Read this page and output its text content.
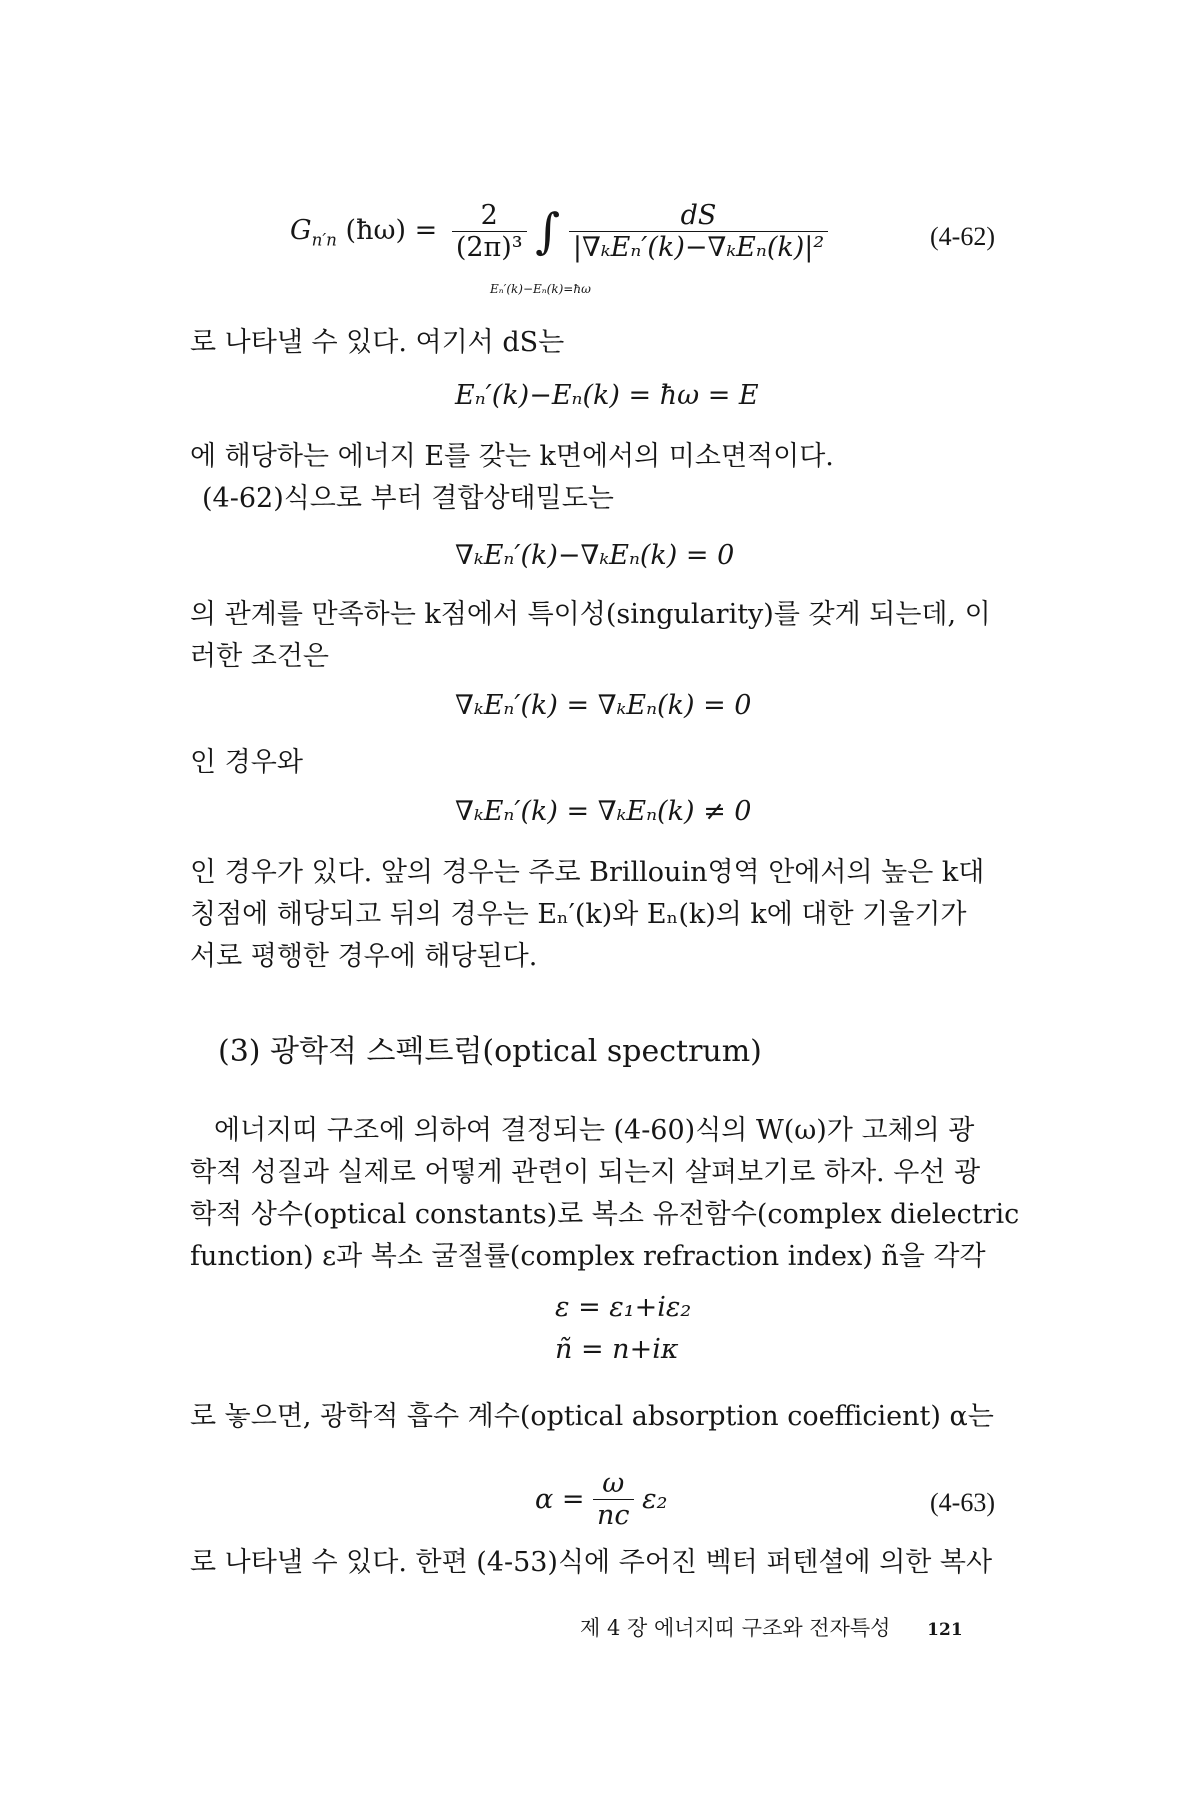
$G_{n'n}$ (ħω) = $\frac{2}{\text{(2π)³}}$ ∫ $\frac{dS}{\text{|∇ₖEₙ′(k)−∇ₖEₙ(k)|²}}$
Eₙ′(k)−Eₙ(k)=ħω
(4-62)

로 나타낼 수 있다. 여기서 dS는

Eₙ′(k)−Eₙ(k) = ħω = E

에 해당하는 에너지 E를 갖는 k면에서의 미소면적이다.

(4-62)식으로 부터 결합상태밀도는

∇ₖEₙ′(k)−∇ₖEₙ(k) = 0

의 관계를 만족하는 k점에서 특이성(singularity)를 갖게 되는데, 이

러한 조건은

∇ₖEₙ′(k) = ∇ₖEₙ(k) = 0

인 경우와

∇ₖEₙ′(k) = ∇ₖEₙ(k) ≠ 0

인 경우가 있다. 앞의 경우는 주로 Brillouin영역 안에서의 높은 k대

칭점에 해당되고 뒤의 경우는 Eₙ′(k)와 Eₙ(k)의 k에 대한 기울기가

서로 평행한 경우에 해당된다.

(3) 광학적 스펙트럼(optical spectrum)

에너지띠 구조에 의하여 결정되는 (4-60)식의 W(ω)가 고체의 광

학적 성질과 실제로 어떻게 관련이 되는지 살펴보기로 하자. 우선 광

학적 상수(optical constants)로 복소 유전함수(complex dielectric

function) ε과 복소 굴절률(complex refraction index) ñ을 각각

ε = ε₁+iε₂
ñ = n+iκ

로 놓으면, 광학적 흡수 계수(optical absorption coefficient) α는

$\alpha = \frac{\omega}{nc} \varepsilon_2$	(4-63)

로 나타낼 수 있다. 한편 (4-53)식에 주어진 벡터 퍼텐셜에 의한 복사

제 4 장 에너지띠 구조와 전자특성 121
